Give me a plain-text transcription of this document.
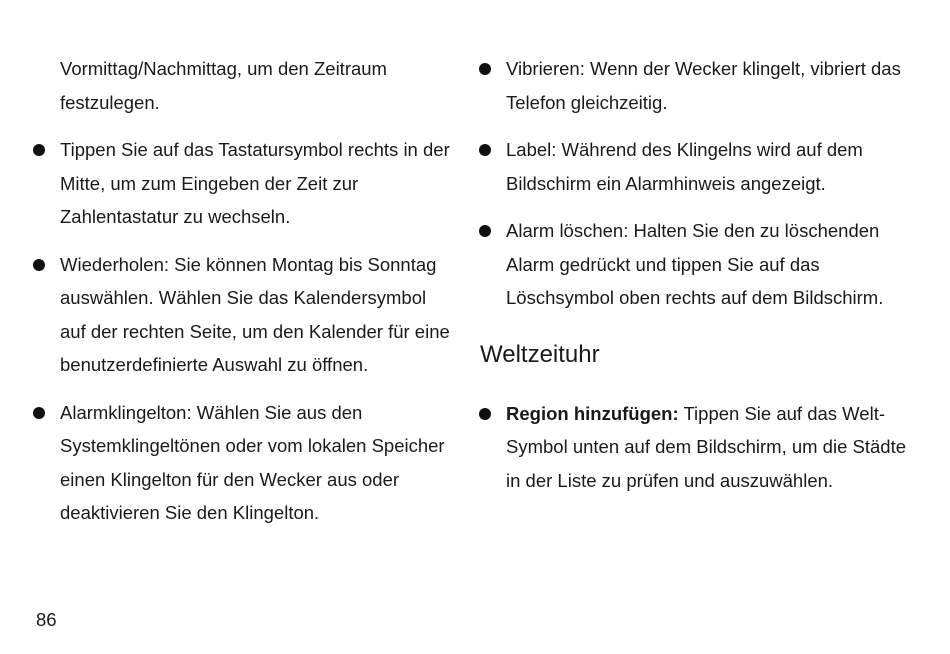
Vormittag/Nachmittag, um den Zeitraum festzulegen.

Tippen Sie auf das Tastatursymbol rechts in der Mitte, um zum Eingeben der Zeit zur Zahlentastatur zu wechseln.

Wiederholen: Sie können Montag bis Sonntag auswählen. Wählen Sie das Kalendersymbol auf der rechten Seite, um den Kalender für eine benutzerdefinierte Auswahl zu öffnen.

Alarmklingelton: Wählen Sie aus den Systemklingeltönen oder vom lokalen Speicher einen Klingelton für den Wecker aus oder deaktivieren Sie den Klingelton.

Vibrieren: Wenn der Wecker klingelt, vibriert das Telefon gleichzeitig.

Label: Während des Klingelns wird auf dem Bildschirm ein Alarmhinweis angezeigt.

Alarm löschen: Halten Sie den zu löschenden Alarm gedrückt und tippen Sie auf das Löschsymbol oben rechts auf dem Bildschirm.

Weltzeituhr

Region hinzufügen: Tippen Sie auf das Welt-Symbol unten auf dem Bildschirm, um die Städte in der Liste zu prüfen und auszuwählen.

86
